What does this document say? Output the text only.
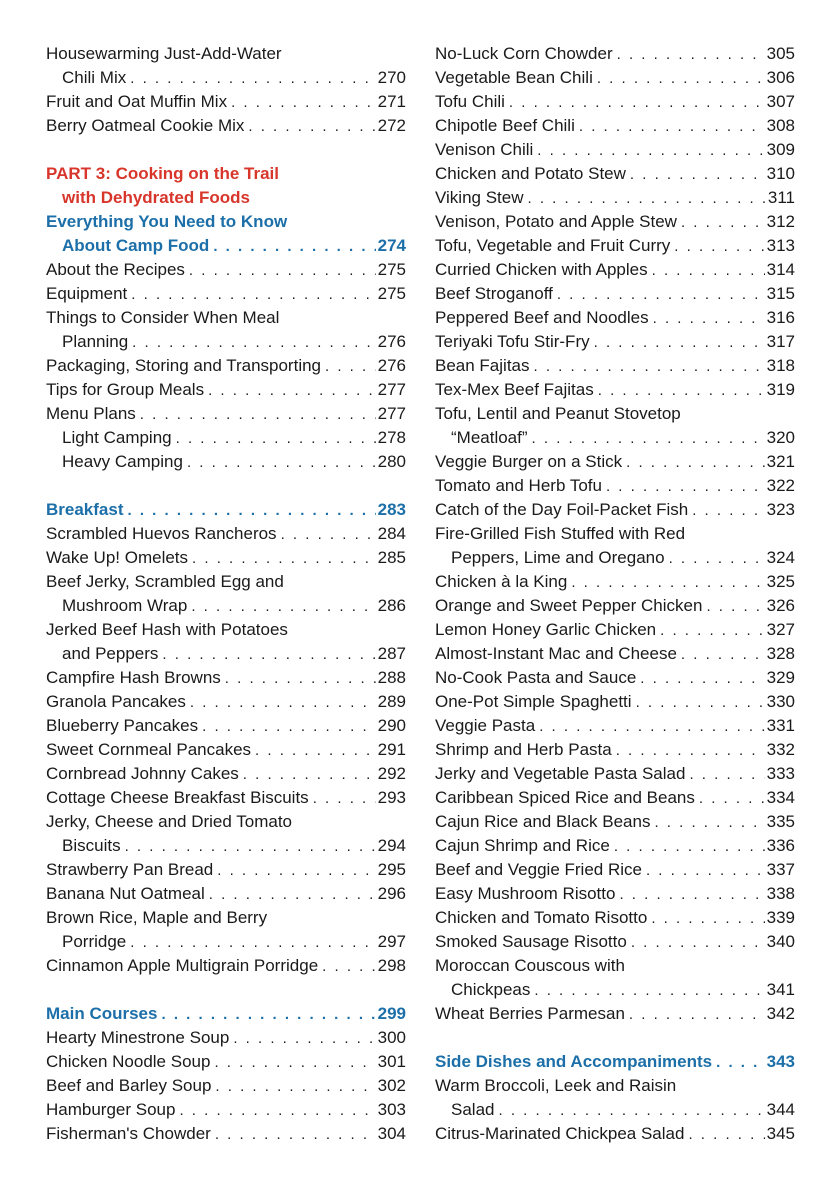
Housewarming Just-Add-Water
Chili Mix . . .	270
Fruit and Oat Muffin Mix . . .	271
Berry Oatmeal Cookie Mix . . .	272
PART 3: Cooking on the Trail
with Dehydrated Foods
Everything You Need to Know
About Camp Food . . .	274
About the Recipes . . .	275
Equipment . . .	275
Things to Consider When Meal
Planning . . .	276
Packaging, Storing and Transporting . . .	276
Tips for Group Meals . . .	277
Menu Plans . . .	277
Light Camping . . .	278
Heavy Camping . . .	280
Breakfast . . .	283
Scrambled Huevos Rancheros . . .	284
Wake Up! Omelets . . .	285
Beef Jerky, Scrambled Egg and
Mushroom Wrap . . .	286
Jerked Beef Hash with Potatoes
and Peppers . . .	287
Campfire Hash Browns . . .	288
Granola Pancakes . . .	289
Blueberry Pancakes . . .	290
Sweet Cornmeal Pancakes . . .	291
Cornbread Johnny Cakes . . .	292
Cottage Cheese Breakfast Biscuits . . .	293
Jerky, Cheese and Dried Tomato
Biscuits . . .	294
Strawberry Pan Bread . . .	295
Banana Nut Oatmeal . . .	296
Brown Rice, Maple and Berry
Porridge . . .	297
Cinnamon Apple Multigrain Porridge . . .	298
Main Courses . . .	299
Hearty Minestrone Soup . . .	300
Chicken Noodle Soup . . .	301
Beef and Barley Soup . . .	302
Hamburger Soup . . .	303
Fisherman's Chowder . . .	304
No-Luck Corn Chowder . . .	305
Vegetable Bean Chili . . .	306
Tofu Chili . . .	307
Chipotle Beef Chili . . .	308
Venison Chili . . .	309
Chicken and Potato Stew . . .	310
Viking Stew . . .	311
Venison, Potato and Apple Stew . . .	312
Tofu, Vegetable and Fruit Curry . . .	313
Curried Chicken with Apples . . .	314
Beef Stroganoff . . .	315
Peppered Beef and Noodles . . .	316
Teriyaki Tofu Stir-Fry . . .	317
Bean Fajitas . . .	318
Tex-Mex Beef Fajitas . . .	319
Tofu, Lentil and Peanut Stovetop
“Meatloaf” . . .	320
Veggie Burger on a Stick . . .	321
Tomato and Herb Tofu . . .	322
Catch of the Day Foil-Packet Fish . . .	323
Fire-Grilled Fish Stuffed with Red
Peppers, Lime and Oregano . . .	324
Chicken à la King . . .	325
Orange and Sweet Pepper Chicken . . .	326
Lemon Honey Garlic Chicken . . .	327
Almost-Instant Mac and Cheese . . .	328
No-Cook Pasta and Sauce . . .	329
One-Pot Simple Spaghetti . . .	330
Veggie Pasta . . .	331
Shrimp and Herb Pasta . . .	332
Jerky and Vegetable Pasta Salad . . .	333
Caribbean Spiced Rice and Beans . . .	334
Cajun Rice and Black Beans . . .	335
Cajun Shrimp and Rice . . .	336
Beef and Veggie Fried Rice . . .	337
Easy Mushroom Risotto . . .	338
Chicken and Tomato Risotto . . .	339
Smoked Sausage Risotto . . .	340
Moroccan Couscous with
Chickpeas . . .	341
Wheat Berries Parmesan . . .	342
Side Dishes and Accompaniments . . .	343
Warm Broccoli, Leek and Raisin
Salad . . .	344
Citrus-Marinated Chickpea Salad . . .	345
